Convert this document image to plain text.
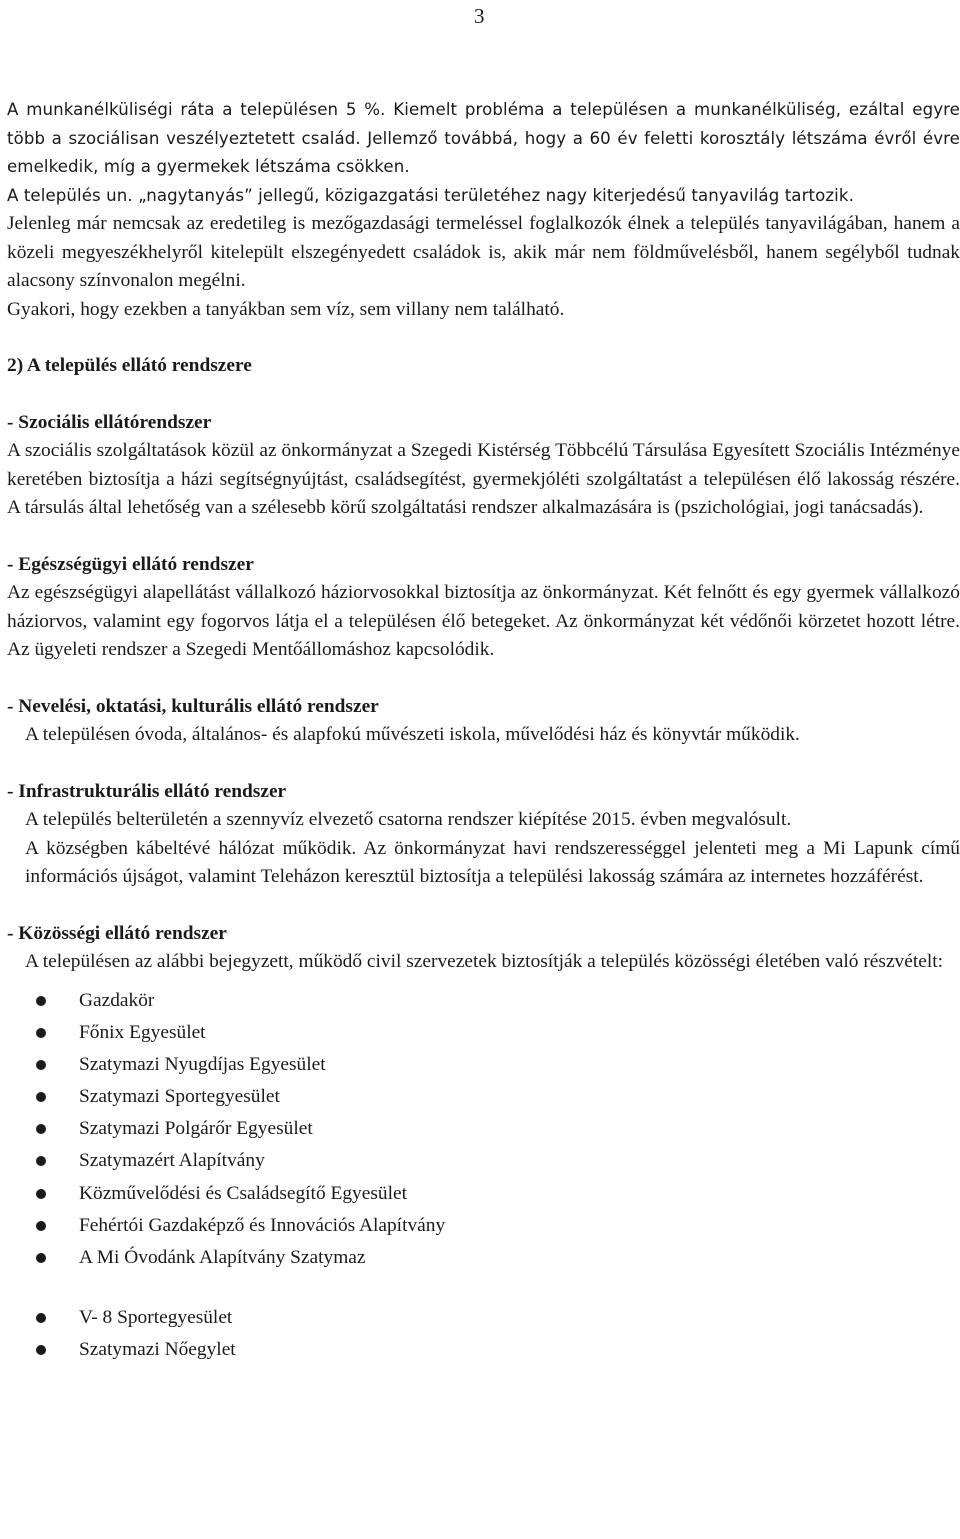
3

A munkanélküliségi ráta a településen 5 %. Kiemelt probléma a településen a munkanélküliség, ezáltal egyre több a szociálisan veszélyeztetett család. Jellemző továbbá, hogy a 60 év feletti korosztály létszáma évről évre emelkedik, míg a gyermekek létszáma csökken.
A település un. „nagytanyás” jellegű, közigazgatási területéhez nagy kiterjedésű tanyavilág tartozik.

Jelenleg már nemcsak az eredetileg is mezőgazdasági termeléssel foglalkozók élnek a település tanyavilágában, hanem a közeli megyeszékhelyről kitelepült elszegényedett családok is, akik már nem földművelésből, hanem segélyből tudnak alacsony színvonalon megélni.

Gyakori, hogy ezekben a tanyákban sem víz, sem villany nem található.

2) A település ellátó rendszere
- Szociális ellátórendszer

A szociális szolgáltatások közül az önkormányzat a Szegedi Kistérség Többcélú Társulása Egyesített Szociális Intézménye keretében biztosítja a házi segítségnyújtást, családsegítést, gyermekjóléti szolgáltatást a településen élő lakosság részére. A társulás által lehetőség van a szélesebb körű szolgáltatási rendszer alkalmazására is (pszichológiai, jogi tanácsadás).

- Egészségügyi ellátó rendszer

Az egészségügyi alapellátást vállalkozó háziorvosokkal biztosítja az önkormányzat. Két felnőtt és egy gyermek vállalkozó háziorvos, valamint egy fogorvos látja el a településen élő betegeket. Az önkormányzat két védőnői körzetet hozott létre. Az ügyeleti rendszer a Szegedi Mentőállomáshoz kapcsolódik.

- Nevelési, oktatási, kulturális ellátó rendszer

A településen óvoda, általános- és alapfokú művészeti iskola, művelődési ház és könyvtár működik.

- Infrastrukturális ellátó rendszer

A település belterületén a szennyvíz elvezető csatorna rendszer kiépítése 2015. évben megvalósult.

A községben kábeltévé hálózat működik. Az önkormányzat havi rendszerességgel jelenteti meg a Mi Lapunk című információs újságot, valamint Teleházon keresztül biztosítja a települési lakosság számára az internetes hozzáférést.

- Közösségi ellátó rendszer

A településen az alábbi bejegyzett, működő civil szervezetek biztosítják a település közösségi életében való részvételt:

Gazdakör
Főnix Egyesület
Szatymazi Nyugdíjas Egyesület
Szatymazi Sportegyesület
Szatymazi Polgárőr Egyesület
Szatymazért Alapítvány
Közművelődési és Családsegítő Egyesület
Fehértói Gazdaképző és Innovációs Alapítvány
A Mi Óvodánk Alapítvány Szatymaz
V- 8 Sportegyesület
Szatymazi Nőegylet
